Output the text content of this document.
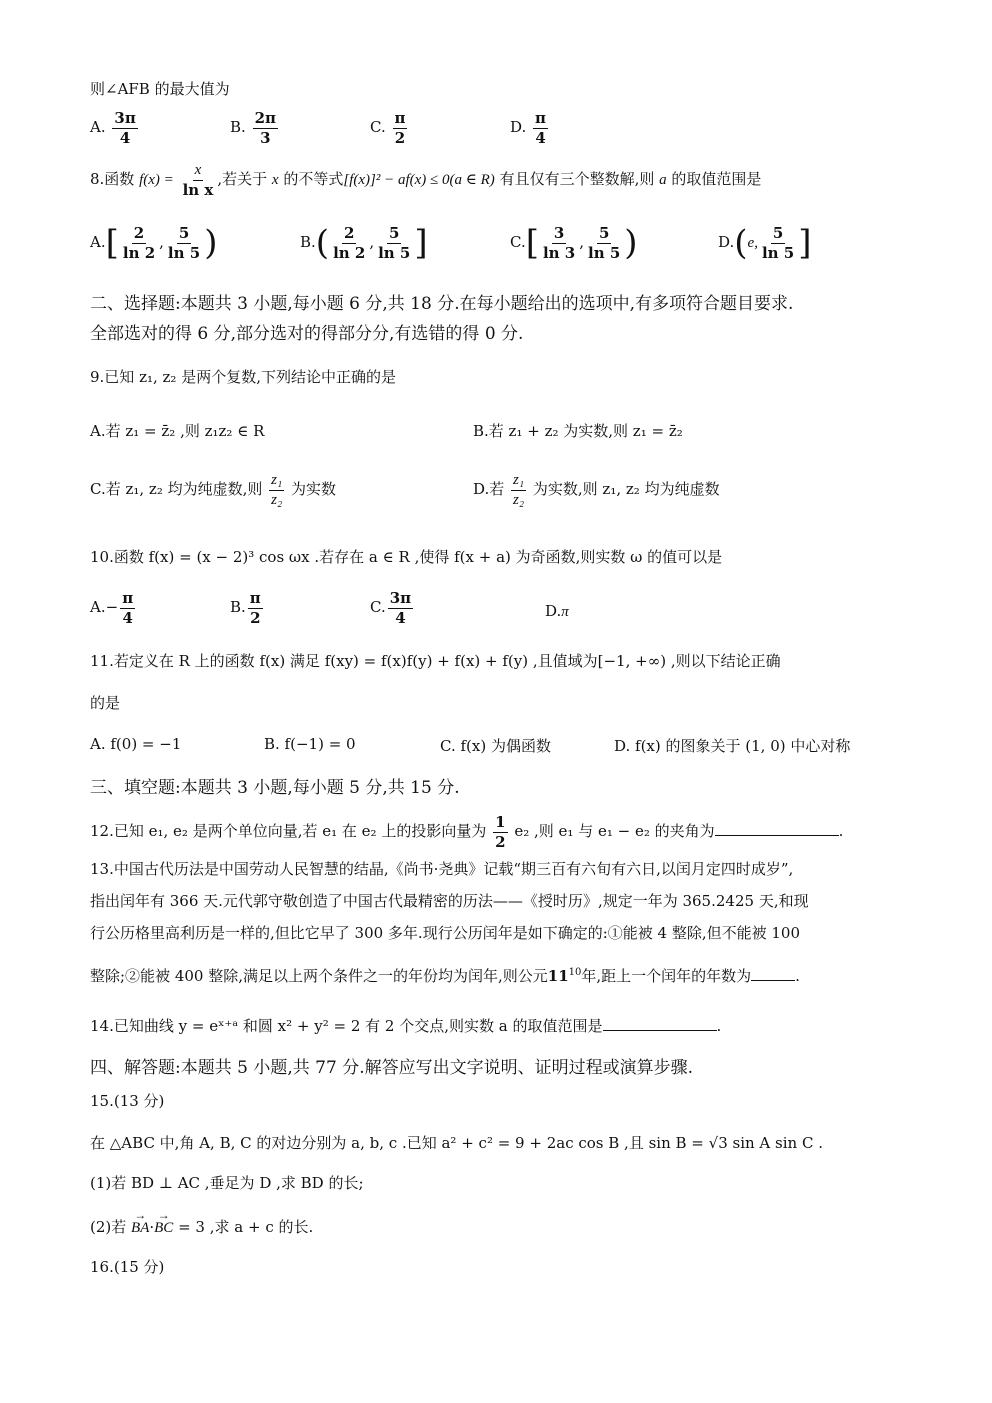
则∠AFB 的最大值为
A. $\frac{3\pi}{4}$	B. $\frac{2\pi}{3}$	C. $\frac{\pi}{2}$	D. $\frac{\pi}{4}$
8.函数 $f(x) = \frac{x}{\text{ln x}}$ ,若关于 x 的不等式[f(x)]² − af(x) ≤ 0(a ∈ R) 有且仅有三个整数解,则 a 的取值范围是
$A.[ \frac{2}{\ln 2}$ , $\frac{5}{\ln 5}$ )	$B.( \frac{2}{\ln 2}$ , $\frac{5}{\ln 5}$ ]	$C.[ \frac{3}{\ln 3}$ , $\frac{5}{\ln 5}$ )	D.(e, $\frac{5}{\ln 5}$ ]
二、选择题:本题共 3 小题,每小题 6 分,共 18 分.在每小题给出的选项中,有多项符合题目要求.
全部选对的得 6 分,部分选对的得部分分,有选错的得 0 分.
9.已知 z₁, z₂ 是两个复数,下列结论中正确的是
A.若 z₁ = z̄₂ ,则 z₁z₂ ∈ R	B.若 z₁ + z₂ 为实数,则 z₁ = z̄₂
C.若 z₁, z₂ 均为纯虚数,则 $\frac{\text{z₁}}{\text{z₂}}$ 为实数	D.若 $\frac{\text{z₁}}{\text{z₂}}$ 为实数,则 z₁, z₂ 均为纯虚数
10.函数 f(x) = (x − 2)³ cos ωx .若存在 a ∈ R ,使得 f(x + a) 为奇函数,则实数 ω 的值可以是
$A.- \frac{\pi}{4}$	B. $\frac{\pi}{2}$	C. $\frac{3\pi}{4}$	D.π
11.若定义在 R 上的函数 f(x) 满足 f(xy) = f(x)f(y) + f(x) + f(y) ,且值域为[−1, +∞) ,则以下结论正确
的是
A. f(0) = −1	B. f(−1) = 0	C. f(x) 为偶函数	D. f(x) 的图象关于 (1, 0) 中心对称
三、填空题:本题共 3 小题,每小题 5 分,共 15 分.
12.已知 e₁, e₂ 是两个单位向量,若 e₁ 在 e₂ 上的投影向量为 $\frac{1}{2} e_2$ ,则 e₁ 与 e₁ − e₂ 的夹角为	.
13.中国古代历法是中国劳动人民智慧的结晶,《尚书·尧典》记载“期三百有六旬有六日,以闰月定四时成岁”,
指出闰年有 366 天.元代郭守敬创造了中国古代最精密的历法——《授时历》,规定一年为 365.2425 天,和现
行公历格里高利历是一样的,但比它早了 300 多年.现行公历闰年是如下确定的:①能被 4 整除,但不能被 100
整除;②能被 400 整除,满足以上两个条件之一的年份均为闰年,则公元$11^{10}$年,距上一个闰年的年数为	.
14.已知曲线 y = eˣ⁺ᵃ 和圆 x² + y² = 2 有 2 个交点,则实数 a 的取值范围是	.
四、解答题:本题共 5 小题,共 77 分.解答应写出文字说明、证明过程或演算步骤.
15.(13 分)
在 △ABC 中,角 A, B, C 的对边分别为 a, b, c .已知 a² + c² = 9 + 2ac cos B ,且 sin B = √3 sin A sin C .
(1)若 BD ⊥ AC ,垂足为 D ,求 BD 的长;
(2)若 → BA·→ BC = 3 ,求 a + c 的长.
16.(15 分)
